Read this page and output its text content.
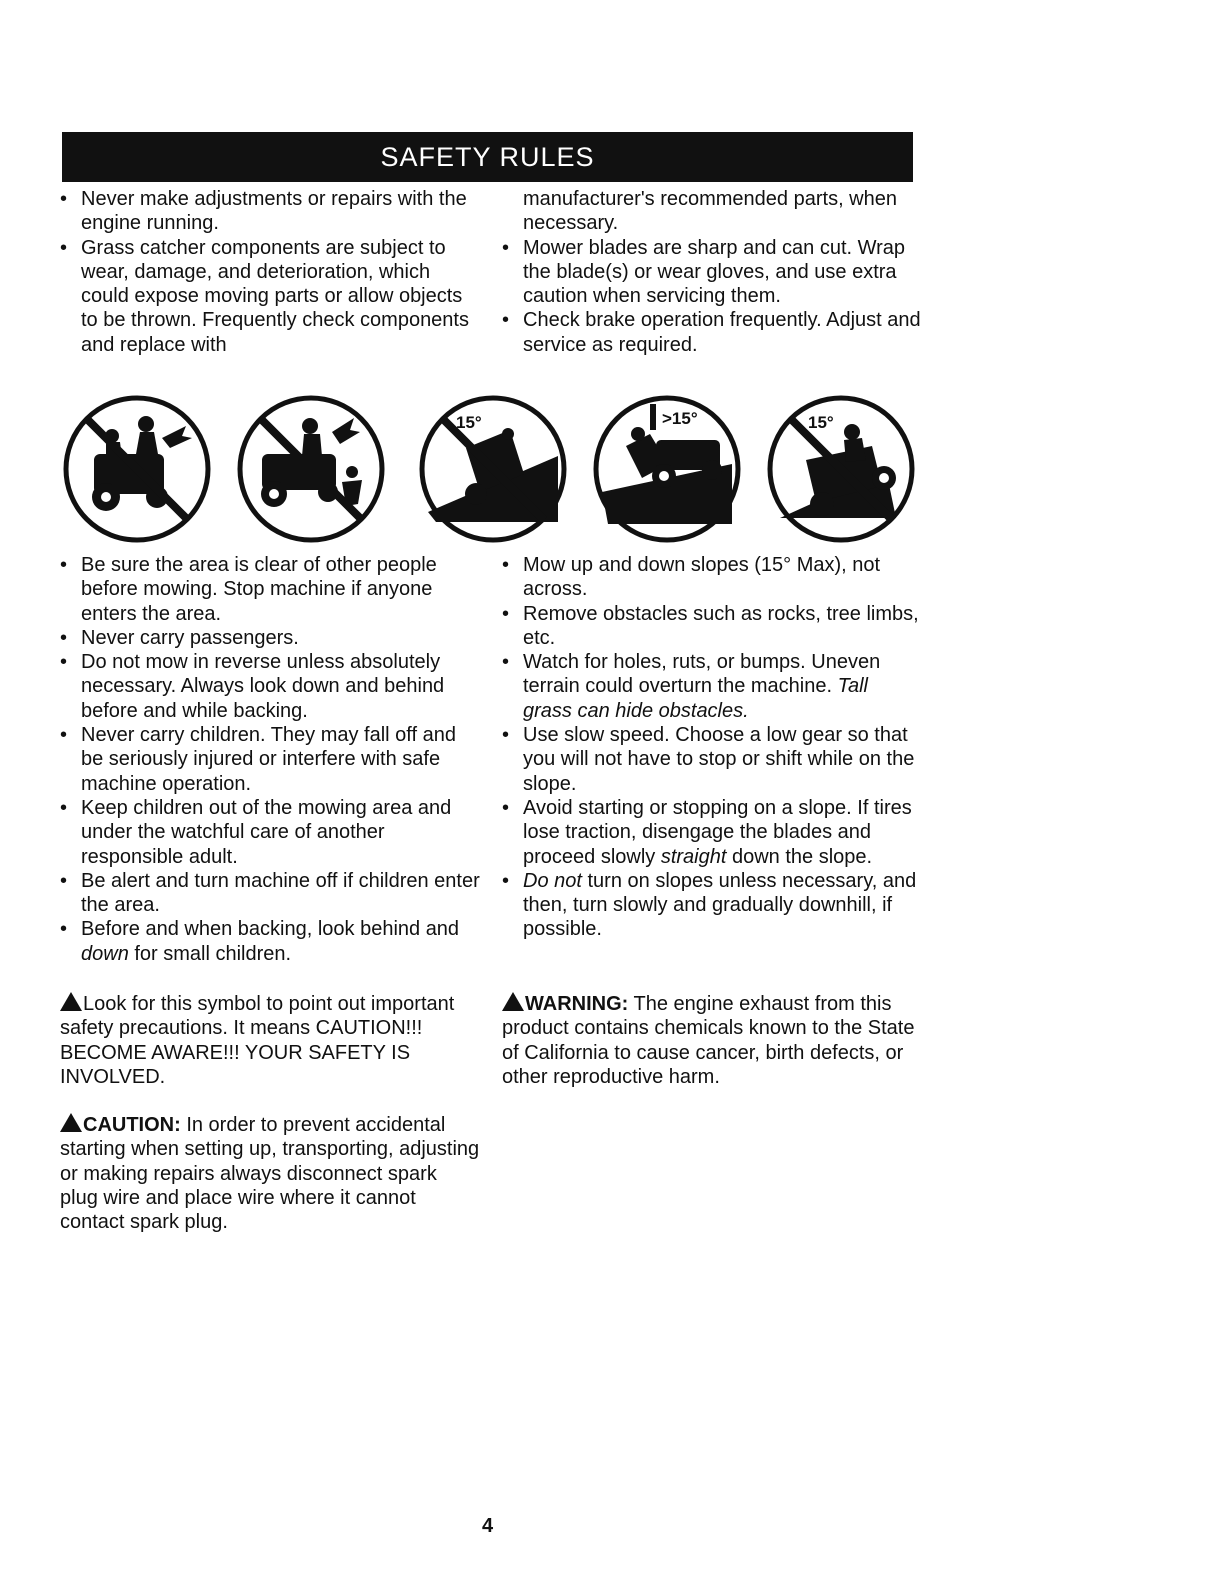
SAFETY RULES
• Never make adjustments or repairs with the engine running.
• Grass catcher components are subject to wear, damage, and deterioration, which could expose moving parts or allow objects to be thrown. Frequently check components and replace with

manufacturer's recommended parts, when necessary.

• Mower blades are sharp and can cut. Wrap the blade(s) or wear gloves, and use extra caution when servicing them.
• Check brake operation frequently. Adjust and service as required.
15°	>15°	15°
• Be sure the area is clear of other people before mowing. Stop machine if anyone enters the area.
• Never carry passengers.
• Do not mow in reverse unless absolutely necessary. Always look down and behind before and while backing.
• Never carry children. They may fall off and be seriously injured or interfere with safe machine operation.
• Keep children out of the mowing area and under the watchful care of another responsible adult.
• Be alert and turn machine off if children enter the area.
• Before and when backing, look behind and down for small children.
• Mow up and down slopes (15° Max), not across.
• Remove obstacles such as rocks, tree limbs, etc.
• Watch for holes, ruts, or bumps. Uneven terrain could overturn the machine. Tall grass can hide obstacles.
• Use slow speed. Choose a low gear so that you will not have to stop or shift while on the slope.
• Avoid starting or stopping on a slope. If tires lose traction, disengage the blades and proceed slowly straight down the slope.
• Do not turn on slopes unless necessary, and then, turn slowly and gradually downhill, if possible.

Look for this symbol to point out important safety precautions. It means CAUTION!!! BECOME AWARE!!! YOUR SAFETY IS INVOLVED.

WARNING: The engine exhaust from this product contains chemicals known to the State of California to cause cancer, birth defects, or other reproductive harm.

CAUTION: In order to prevent accidental starting when setting up, transporting, adjusting or making repairs always disconnect spark plug wire and place wire where it cannot contact spark plug.

4
